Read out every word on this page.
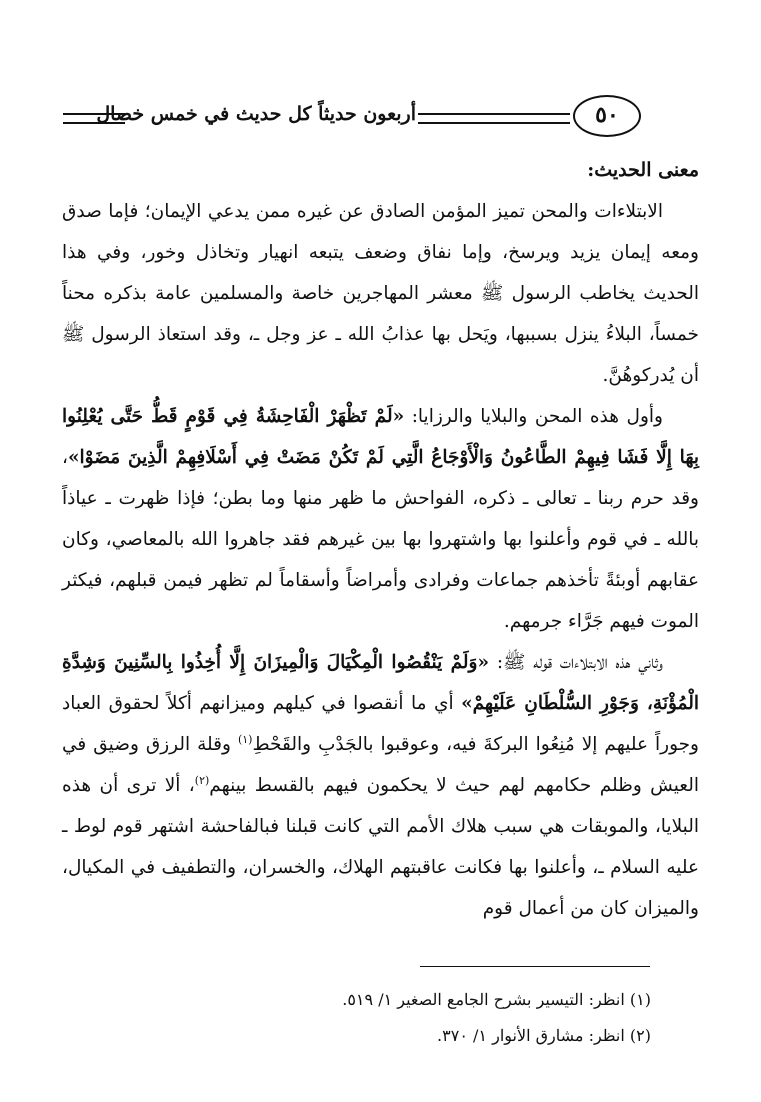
أربعون حديثاً كل حديث في خمس خصال	٥٠

معنى الحديث:

الابتلاءات والمحن تميز المؤمن الصادق عن غيره ممن يدعي الإيمان؛ فإما صدق ومعه إيمان يزيد ويرسخ، وإما نفاق وضعف يتبعه انهيار وتخاذل وخور، وفي هذا الحديث يخاطب الرسول ﷺ معشر المهاجرين خاصة والمسلمين عامة بذكره محناً خمساً، البلاءُ ينزل بسببها، ويَحل بها عذابُ الله ـ عز وجل ـ، وقد استعاذ الرسول ﷺ أن يُدركوهُنَّ.

وأول هذه المحن والبلايا والرزايا: «لَمْ تَظْهَرْ الْفَاحِشَةُ فِي قَوْمٍ قَطُّ حَتَّى يُعْلِنُوا بِهَا إِلَّا فَشَا فِيهِمْ الطَّاعُونُ وَالْأَوْجَاعُ الَّتِي لَمْ تَكُنْ مَضَتْ فِي أَسْلَافِهِمْ الَّذِينَ مَضَوْا»، وقد حرم ربنا ـ تعالى ـ ذكره، الفواحش ما ظهر منها وما بطن؛ فإذا ظهرت ـ عياذاً بالله ـ في قوم وأعلنوا بها واشتهروا بها بين غيرهم فقد جاهروا الله بالمعاصي، وكان عقابهم أوبئةً تأخذهم جماعات وفرادى وأمراضاً وأسقاماً لم تظهر فيمن قبلهم، فيكثر الموت فيهم جَرَّاء جرمهم.

وثاني هذه الابتلاءات قوله ﷺ: «وَلَمْ يَنْقُصُوا الْمِكْيَالَ وَالْمِيزَانَ إِلَّا أُخِذُوا بِالسِّنِينَ وَشِدَّةِ الْمُؤْنَةِ، وَجَوْرِ السُّلْطَانِ عَلَيْهِمْ» أي ما أنقصوا في كيلهم وميزانهم أكلاً لحقوق العباد وجوراً عليهم إلا مُنِعُوا البركةَ فيه، وعوقبوا بالجَدْبِ والقَحْطِ$^{(١)}$ وقلة الرزق وضيق في العيش وظلم حكامهم لهم حيث لا يحكمون فيهم بالقسط بينهم$^{(٢)}$، ألا ترى أن هذه البلايا، والموبقات هي سبب هلاك الأمم التي كانت قبلنا فبالفاحشة اشتهر قوم لوط ـ عليه السلام ـ، وأعلنوا بها فكانت عاقبتهم الهلاك، والخسران، والتطفيف في المكيال، والميزان كان من أعمال قوم

(١) انظر: التيسير بشرح الجامع الصغير ١/ ٥١٩.

(٢) انظر: مشارق الأنوار ١/ ٣٧٠.
